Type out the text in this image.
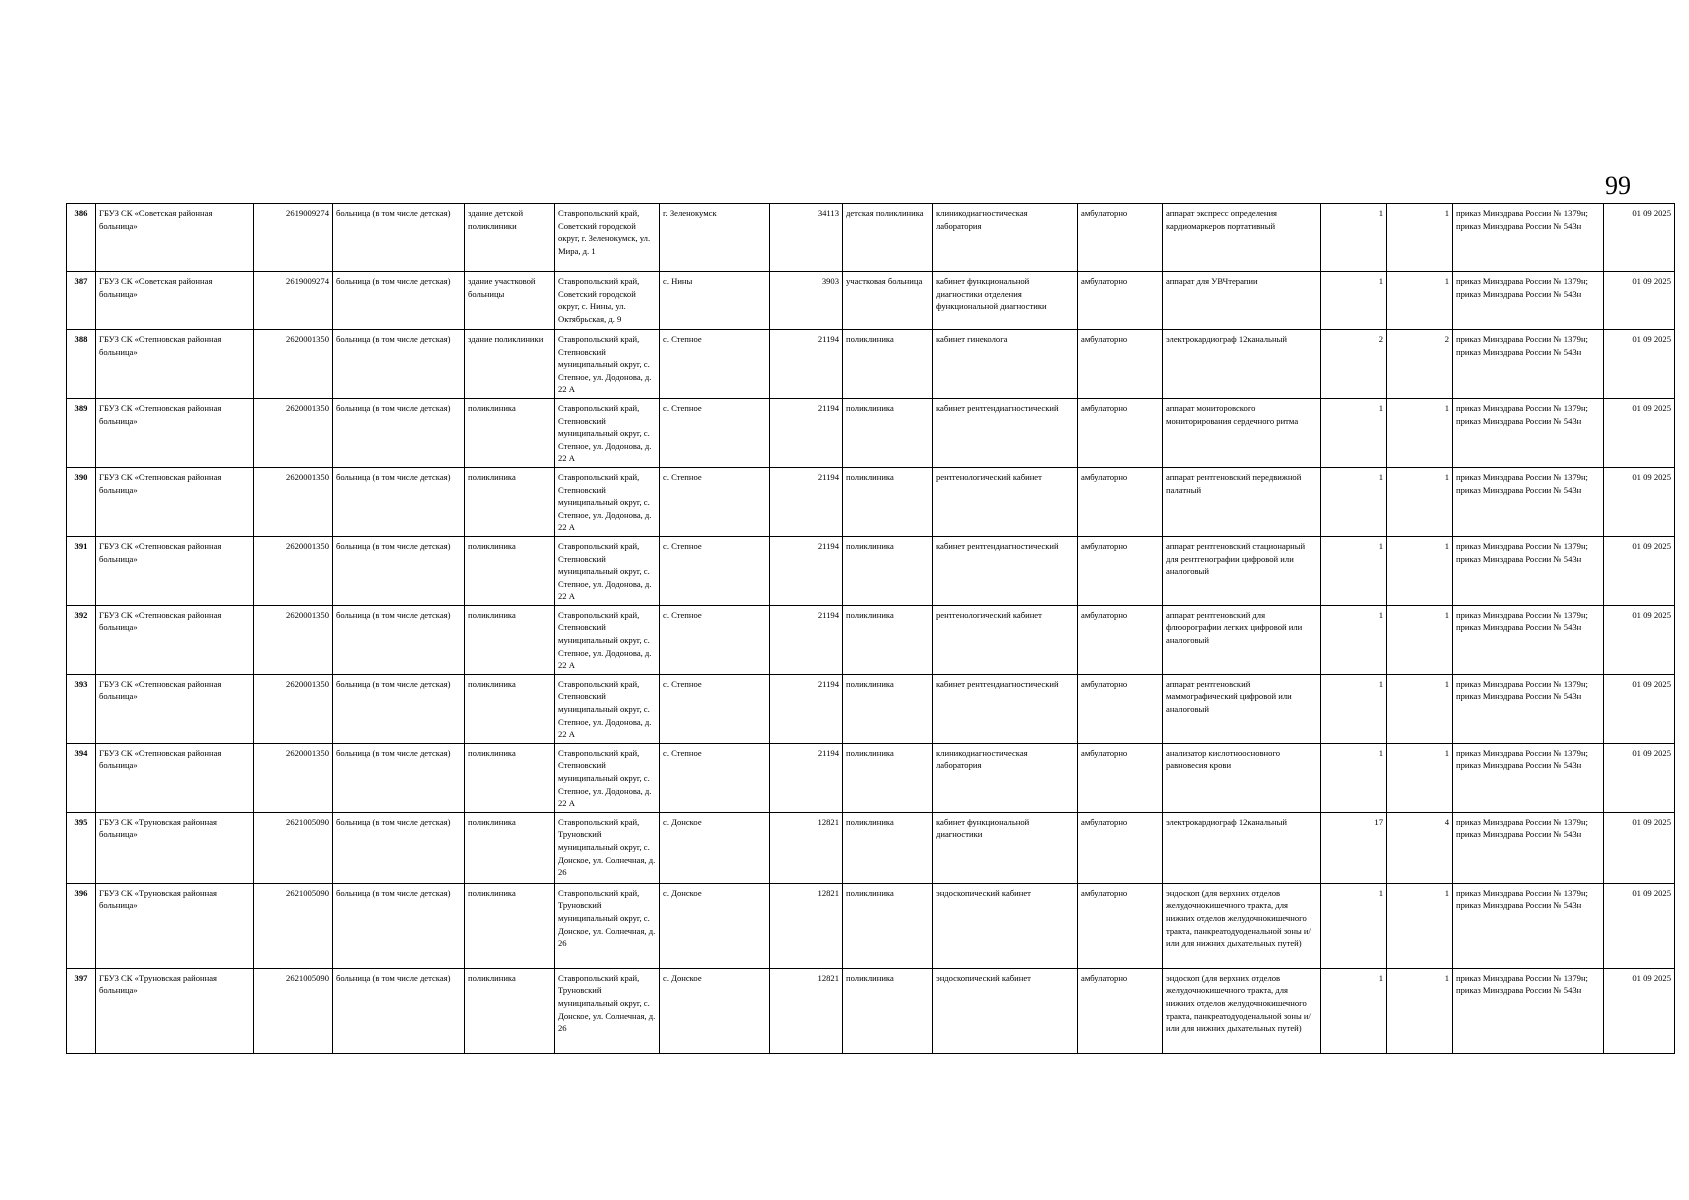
99
386	ГБУЗ СК «Советская районная больница»	2619009274	больница (в том числе детская)	здание детской поликлиники	Ставропольский край, Советский городской округ, г. Зеленокумск, ул. Мира, д. 1	г. Зеленокумск	34113	детская поликлиника	клиникодиагностическая лаборатория	амбулаторно	аппарат экспресс определения кардиомаркеров портативный	1	1	приказ Минздрава России № 1379н; приказ Минздрава России № 543н	01 09 2025
387	ГБУЗ СК «Советская районная больница»	2619009274	больница (в том числе детская)	здание участковой больницы	Ставропольский край, Советский городской округ, с. Нины, ул. Октябрьская, д. 9	с. Нины	3903	участковая больница	кабинет функциональной диагностики отделения функциональной диагностики	амбулаторно	аппарат для УВЧтерапии	1	1	приказ Минздрава России № 1379н; приказ Минздрава России № 543н	01 09 2025
388	ГБУЗ СК «Степновская районная больница»	2620001350	больница (в том числе детская)	здание поликлиники	Ставропольский край, Степновский муниципальный округ, с. Степное, ул. Додонова, д. 22 А	с. Степное	21194	поликлиника	кабинет гинеколога	амбулаторно	электрокардиограф 12канальный	2	2	приказ Минздрава России № 1379н; приказ Минздрава России № 543н	01 09 2025
389	ГБУЗ СК «Степновская районная больница»	2620001350	больница (в том числе детская)	поликлиника	Ставропольский край, Степновский муниципальный округ, с. Степное, ул. Додонова, д. 22 А	с. Степное	21194	поликлиника	кабинет рентгендиагностический	амбулаторно	аппарат мониторовского мониторирования сердечного ритма	1	1	приказ Минздрава России № 1379н; приказ Минздрава России № 543н	01 09 2025
390	ГБУЗ СК «Степновская районная больница»	2620001350	больница (в том числе детская)	поликлиника	Ставропольский край, Степновский муниципальный округ, с. Степное, ул. Додонова, д. 22 А	с. Степное	21194	поликлиника	рентгенологический кабинет	амбулаторно	аппарат рентгеновский передвижной палатный	1	1	приказ Минздрава России № 1379н; приказ Минздрава России № 543н	01 09 2025
391	ГБУЗ СК «Степновская районная больница»	2620001350	больница (в том числе детская)	поликлиника	Ставропольский край, Степновский муниципальный округ, с. Степное, ул. Додонова, д. 22 А	с. Степное	21194	поликлиника	кабинет рентгендиагностический	амбулаторно	аппарат рентгеновский стационарный для рентгенографии цифровой или аналоговый	1	1	приказ Минздрава России № 1379н; приказ Минздрава России № 543н	01 09 2025
392	ГБУЗ СК «Степновская районная больница»	2620001350	больница (в том числе детская)	поликлиника	Ставропольский край, Степновский муниципальный округ, с. Степное, ул. Додонова, д. 22 А	с. Степное	21194	поликлиника	рентгенологический кабинет	амбулаторно	аппарат рентгеновский для флюорографии легких цифровой или аналоговый	1	1	приказ Минздрава России № 1379н; приказ Минздрава России № 543н	01 09 2025
393	ГБУЗ СК «Степновская районная больница»	2620001350	больница (в том числе детская)	поликлиника	Ставропольский край, Степновский муниципальный округ, с. Степное, ул. Додонова, д. 22 А	с. Степное	21194	поликлиника	кабинет рентгендиагностический	амбулаторно	аппарат рентгеновский маммографический цифровой или аналоговый	1	1	приказ Минздрава России № 1379н; приказ Минздрава России № 543н	01 09 2025
394	ГБУЗ СК «Степновская районная больница»	2620001350	больница (в том числе детская)	поликлиника	Ставропольский край, Степновский муниципальный округ, с. Степное, ул. Додонова, д. 22 А	с. Степное	21194	поликлиника	клиникодиагностическая лаборатория	амбулаторно	анализатор кислотноосновного равновесия крови	1	1	приказ Минздрава России № 1379н; приказ Минздрава России № 543н	01 09 2025
395	ГБУЗ СК «Труновская районная больница»	2621005090	больница (в том числе детская)	поликлиника	Ставропольский край, Труновский муниципальный округ, с. Донское, ул. Солнечная, д. 26	с. Донское	12821	поликлиника	кабинет функциональной диагностики	амбулаторно	электрокардиограф 12канальный	17	4	приказ Минздрава России № 1379н; приказ Минздрава России № 543н	01 09 2025
396	ГБУЗ СК «Труновская районная больница»	2621005090	больница (в том числе детская)	поликлиника	Ставропольский край, Труновский муниципальный округ, с. Донское, ул. Солнечная, д. 26	с. Донское	12821	поликлиника	эндоскопический кабинет	амбулаторно	эндоскоп (для верхних отделов желудочнокишечного тракта, для нижних отделов желудочнокишечного тракта, панкреатодуоденальной зоны и/или для нижних дыхательных путей)	1	1	приказ Минздрава России № 1379н; приказ Минздрава России № 543н	01 09 2025
397	ГБУЗ СК «Труновская районная больница»	2621005090	больница (в том числе детская)	поликлиника	Ставропольский край, Труновский муниципальный округ, с. Донское, ул. Солнечная, д. 26	с. Донское	12821	поликлиника	эндоскопический кабинет	амбулаторно	эндоскоп (для верхних отделов желудочнокишечного тракта, для нижних отделов желудочнокишечного тракта, панкреатодуоденальной зоны и/или для нижних дыхательных путей)	1	1	приказ Минздрава России № 1379н; приказ Минздрава России № 543н	01 09 2025
